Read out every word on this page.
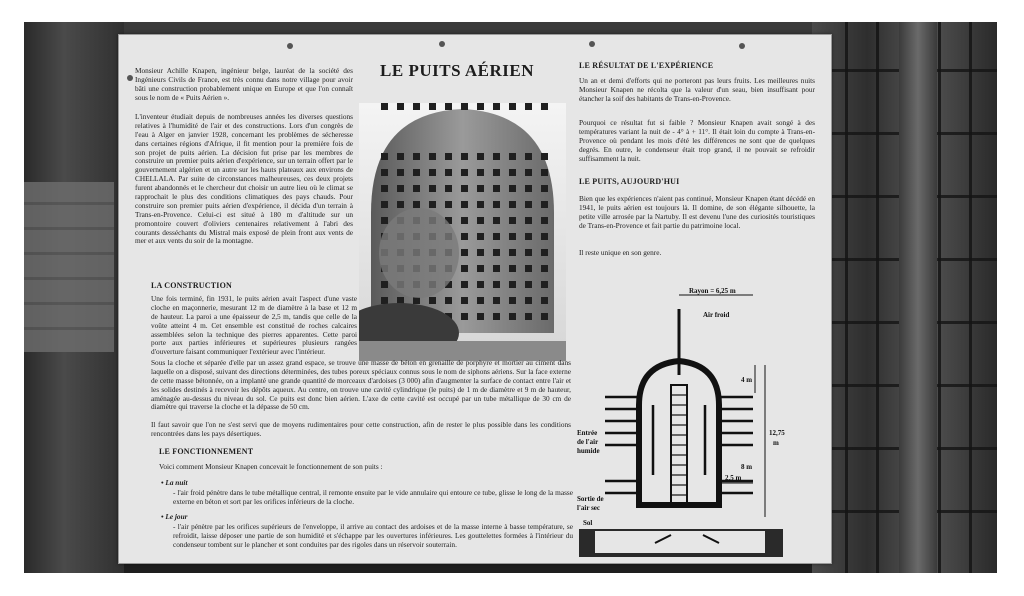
Monsieur Achille Knapen, ingénieur belge, lauréat de la société des Ingénieurs Civils de France, est très connu dans notre village pour avoir bâti une construction probablement unique en Europe et que l'on connaît sous le nom de « Puits Aérien ».
L'inventeur étudiait depuis de nombreuses années les diverses questions relatives à l'humidité de l'air et des constructions. Lors d'un congrès de l'eau à Alger en janvier 1928, concernant les problèmes de sécheresse dans certaines régions d'Afrique, il fit mention pour la première fois de son projet de puits aérien. La décision fut prise par les membres de construire un premier puits aérien d'expérience, sur un terrain offert par le gouvernement algérien et un autre sur les hauts plateaux aux environs de CHELLALA. Par suite de circonstances malheureuses, ces deux projets furent abandonnés et le chercheur dut choisir un autre lieu où le climat se rapprochait le plus des conditions climatiques des pays chauds. Pour construire son premier puits aérien d'expérience, il décida d'un terrain à Trans-en-Provence. Celui-ci est situé à 180 m d'altitude sur un promontoire couvert d'oliviers centenaires relativement à l'abri des courants desséchants du Mistral mais exposé de plein front aux vents de mer et aux vents du soir de la montagne.
LE PUITS AÉRIEN
LA CONSTRUCTION
Une fois terminé, fin 1931, le puits aérien avait l'aspect d'une vaste cloche en maçonnerie, mesurant 12 m de diamètre à la base et 12 m de hauteur. La paroi a une épaisseur de 2,5 m, tandis que celle de la voûte atteint 4 m. Cet ensemble est constitué de roches calcaires assemblées selon la technique des pierres apparentes. Cette paroi porte aux parties inférieures et supérieures plusieurs rangées d'ouverture faisant communiquer l'extérieur avec l'intérieur.
Sous la cloche et séparée d'elle par un assez grand espace, se trouve une masse de béton en grenaille de porphyre et mortier au ciment dans laquelle on a disposé, suivant des directions déterminées, des tubes poreux spéciaux connus sous le nom de siphons aériens. Sur la face externe de cette masse bétonnée, on a implanté une grande quantité de morceaux d'ardoises (3 000) afin d'augmenter la surface de contact entre l'air et les solides destinés à recevoir les dépôts aqueux. Au centre, on trouve une cavité cylindrique (le puits) de 1 m de diamètre et 9 m de hauteur, aménagée au-dessus du niveau du sol. Ce puits est donc bien aérien. L'axe de cette cavité est occupé par un tube métallique de 30 cm de diamètre qui traverse la cloche et la dépasse de 50 cm.
Il faut savoir que l'on ne s'est servi que de moyens rudimentaires pour cette construction, afin de rester le plus possible dans les conditions rencontrées dans les pays désertiques.
LE FONCTIONNEMENT
Voici comment Monsieur Knapen concevait le fonctionnement de son puits :
• La nuit
- l'air froid pénètre dans le tube métallique central, il remonte ensuite par le vide annulaire qui entoure ce tube, glisse le long de la masse externe en béton et sort par les orifices inférieurs de la cloche.
• Le jour
- l'air pénètre par les orifices supérieurs de l'enveloppe, il arrive au contact des ardoises et de la masse interne à basse température, se refroidit, laisse déposer une partie de son humidité et s'échappe par les ouvertures inférieures. Les gouttelettes formées à l'intérieur du condenseur tombent sur le plancher et sont conduites par des rigoles dans un réservoir souterrain.
LE RÉSULTAT DE L'EXPÉRIENCE
Un an et demi d'efforts qui ne porteront pas leurs fruits. Les meilleures nuits Monsieur Knapen ne récolta que la valeur d'un seau, bien insuffisant pour étancher la soif des habitants de Trans-en-Provence.
Pourquoi ce résultat fut si faible ? Monsieur Knapen avait songé à des températures variant la nuit de - 4° à + 11°. Il était loin du compte à Trans-en-Provence où pendant les mois d'été les différences ne sont que de quelques degrés. En outre, le condenseur était trop grand, il ne pouvait se refroidir suffisamment la nuit.
LE PUITS, AUJOURD'HUI
Bien que les expériences n'aient pas continué, Monsieur Knapen étant décédé en 1941, le puits aérien est toujours là. Il domine, de son élégante silhouette, la petite ville arrosée par la Nartuby. Il est devenu l'une des curiosités touristiques de Trans-en-Provence et fait partie du patrimoine local.
Il reste unique en son genre.
Rayon = 6,25 m
Air froid
4 m
12,75
m
8 m
2,5 m
Entrée
de l'air
humide
Sortie de
l'air sec
Sol
